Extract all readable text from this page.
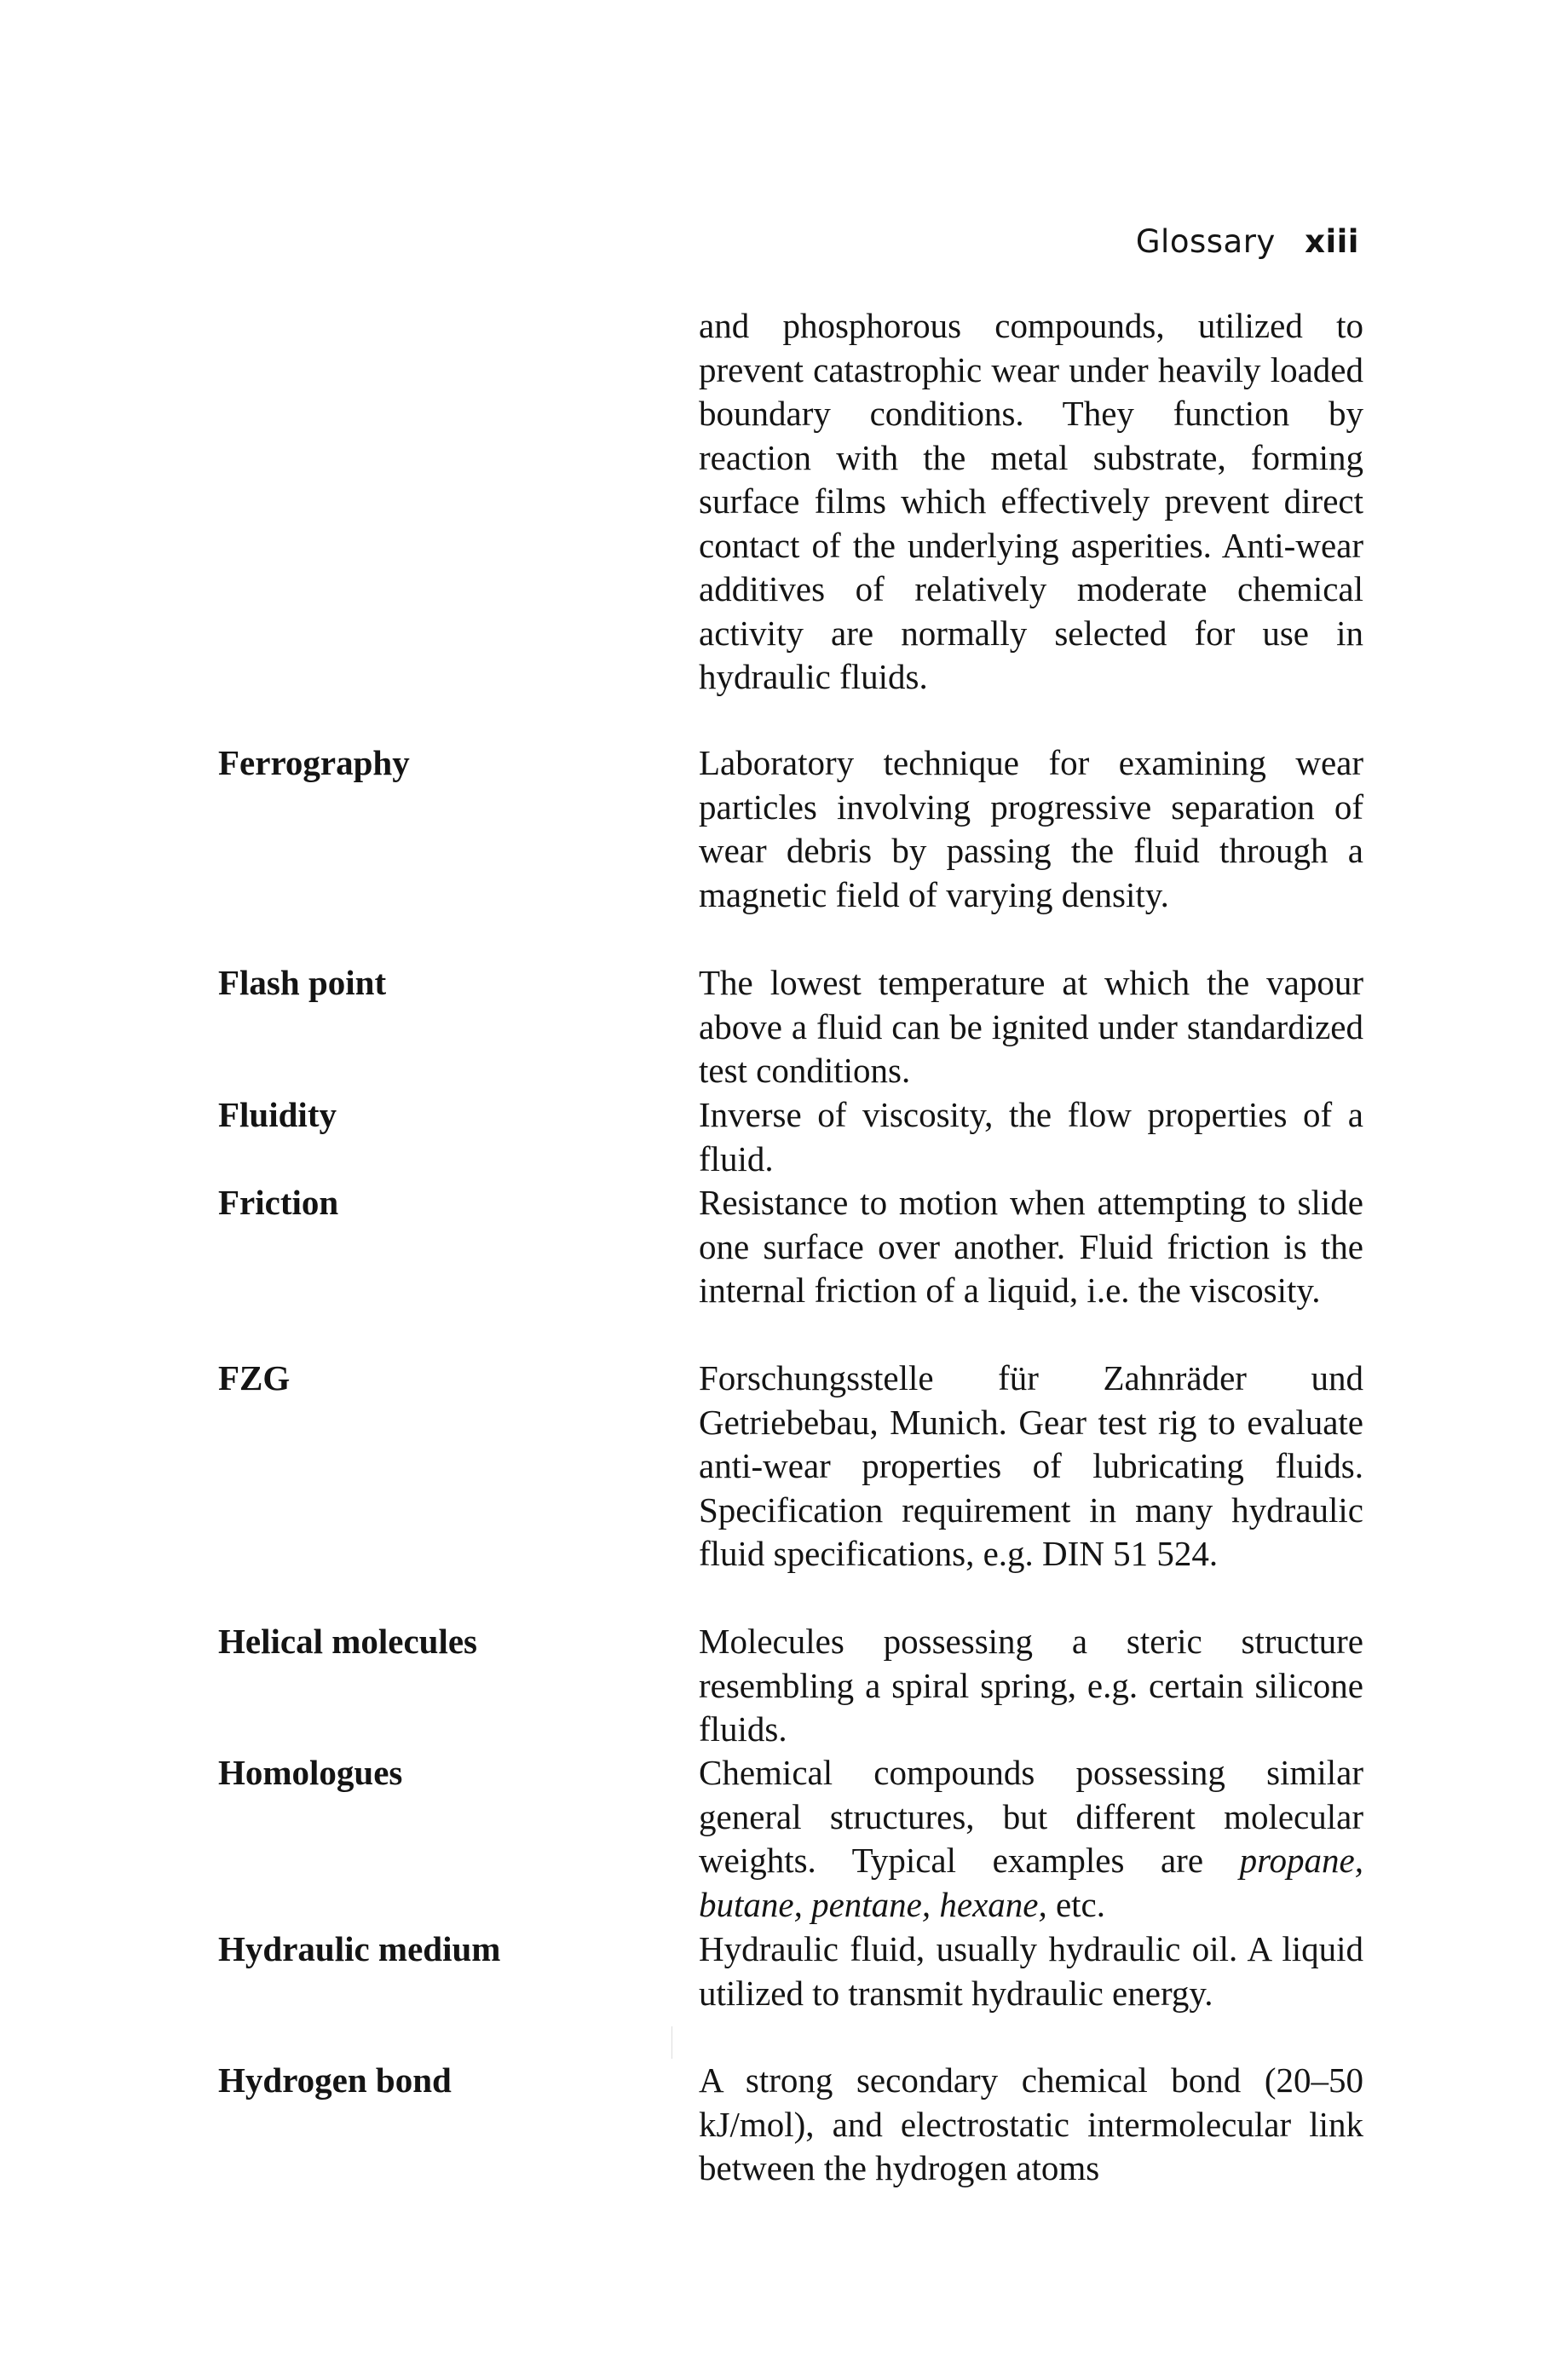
Glossary xiii
and phosphorous compounds, utilized to prevent catastrophic wear under heavily loaded boundary conditions. They function by reaction with the metal substrate, forming surface films which effectively prevent direct contact of the underlying asperities. Anti-wear additives of relatively moderate chemical activity are normally selected for use in hydraulic fluids.
Ferrography	Laboratory technique for examining wear particles involving progressive separation of wear debris by passing the fluid through a magnetic field of varying density.
Flash point	The lowest temperature at which the vapour above a fluid can be ignited under standardized test conditions.
Fluidity	Inverse of viscosity, the flow properties of a fluid.
Friction	Resistance to motion when attempting to slide one surface over another. Fluid friction is the internal friction of a liquid, i.e. the viscosity.
FZG	Forschungsstelle für Zahnräder und Getriebebau, Munich. Gear test rig to evaluate anti-wear properties of lubricating fluids. Specification requirement in many hydraulic fluid specifications, e.g. DIN 51 524.
Helical molecules	Molecules possessing a steric structure resembling a spiral spring, e.g. certain silicone fluids.
Homologues	Chemical compounds possessing similar general structures, but different molecular weights. Typical examples are propane, butane, pentane, hexane, etc.
Hydraulic medium	Hydraulic fluid, usually hydraulic oil. A liquid utilized to transmit hydraulic energy.
Hydrogen bond	A strong secondary chemical bond (20–50 kJ/mol), and electrostatic intermolecular link between the hydrogen atoms
